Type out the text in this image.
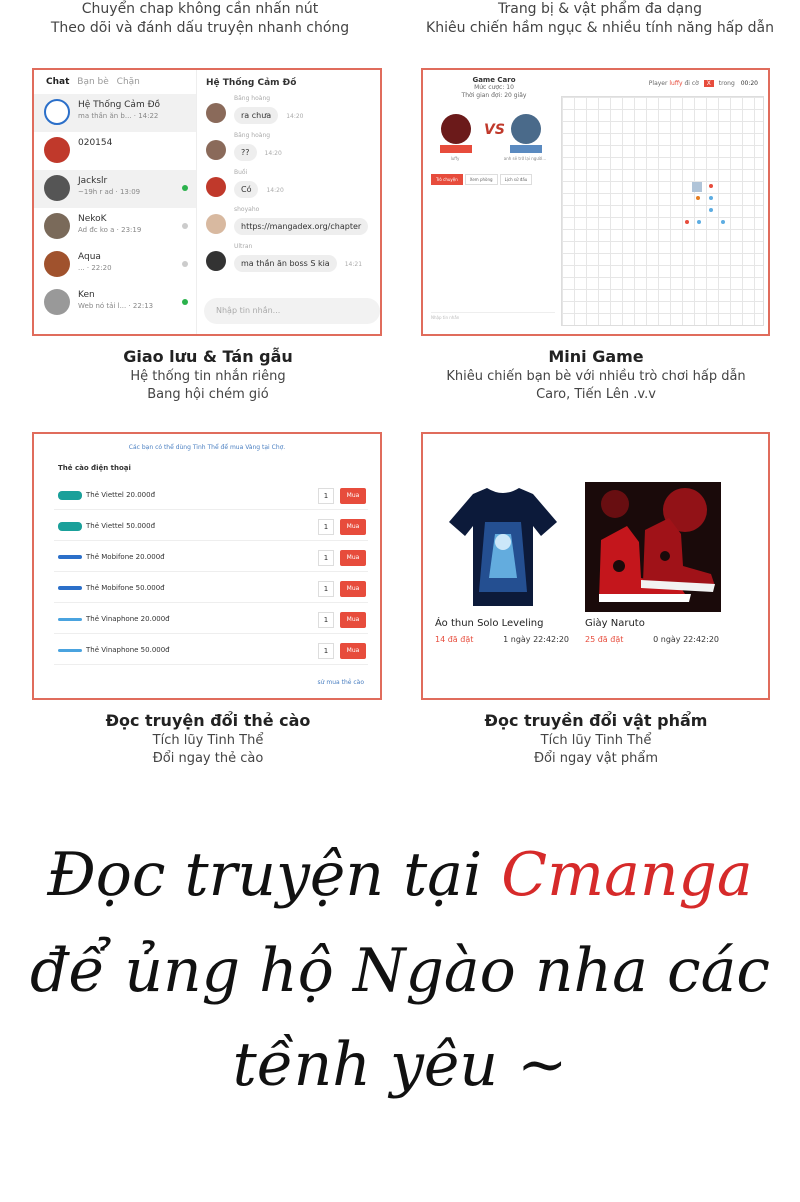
Chuyển chap không cần nhấn nút
Theo dõi và đánh dấu truyện nhanh chóng
Trang bị & vật phẩm đa dạng
Khiêu chiến hầm ngục & nhiều tính năng hấp dẫn
Chat Bạn bè Chặn
Hệ Thống Cảm Đồ
ma thần ăn b... · 14:22
020154
Jackslr
~19h r ad · 13:09
NekoK
Ad đc ko a · 23:19
Aqua
... · 22:20
Ken
Web nó tải l... · 22:13
Hệ Thống Cảm Đồ
Băng hoàng
ra chưa	14:20
Băng hoàng
??	14:20
Buồi
Có	14:20
shoyaho
https://mangadex.org/chapter
Ultran
ma thần ăn boss S kia	14:21
Nhập tin nhắn...
Giao lưu & Tán gẫu
Hệ thống tin nhắn riêng
Bang hội chém gió
Game Caro
Mức cược: 10
Thời gian đợi: 20 giây
VS
luffy	anh sẽ trở lại người...
Trò chuyện	Xem phòng	Lịch sử đấu
Nhập tin nhắn
Player luffy đi cờ X trong 00:20
Mini Game
Khiêu chiến bạn bè với nhiều trò chơi hấp dẫn
Caro, Tiến Lên .v.v
Các bạn có thể dùng Tinh Thể để mua Vàng tại Chợ.
Thẻ cào điện thoại
Thẻ Viettel 20.000đ	1	Mua
Thẻ Viettel 50.000đ	1	Mua
Thẻ Mobifone 20.000đ	1	Mua
Thẻ Mobifone 50.000đ	1	Mua
Thẻ Vinaphone 20.000đ	1	Mua
Thẻ Vinaphone 50.000đ	1	Mua
sử mua thẻ cào
Đọc truyện đổi thẻ cào
Tích lũy Tinh Thể
Đổi ngay thẻ cào
Áo thun Solo Leveling
14 đã đặt	1 ngày 22:42:20
Giày Naruto
25 đã đặt	0 ngày 22:42:20
Đọc truyền đổi vật phẩm
Tích lũy Tinh Thể
Đổi ngay vật phẩm
Đọc truyện tại Cmanga
để ủng hộ Ngào nha các
tềnh yêu ~
